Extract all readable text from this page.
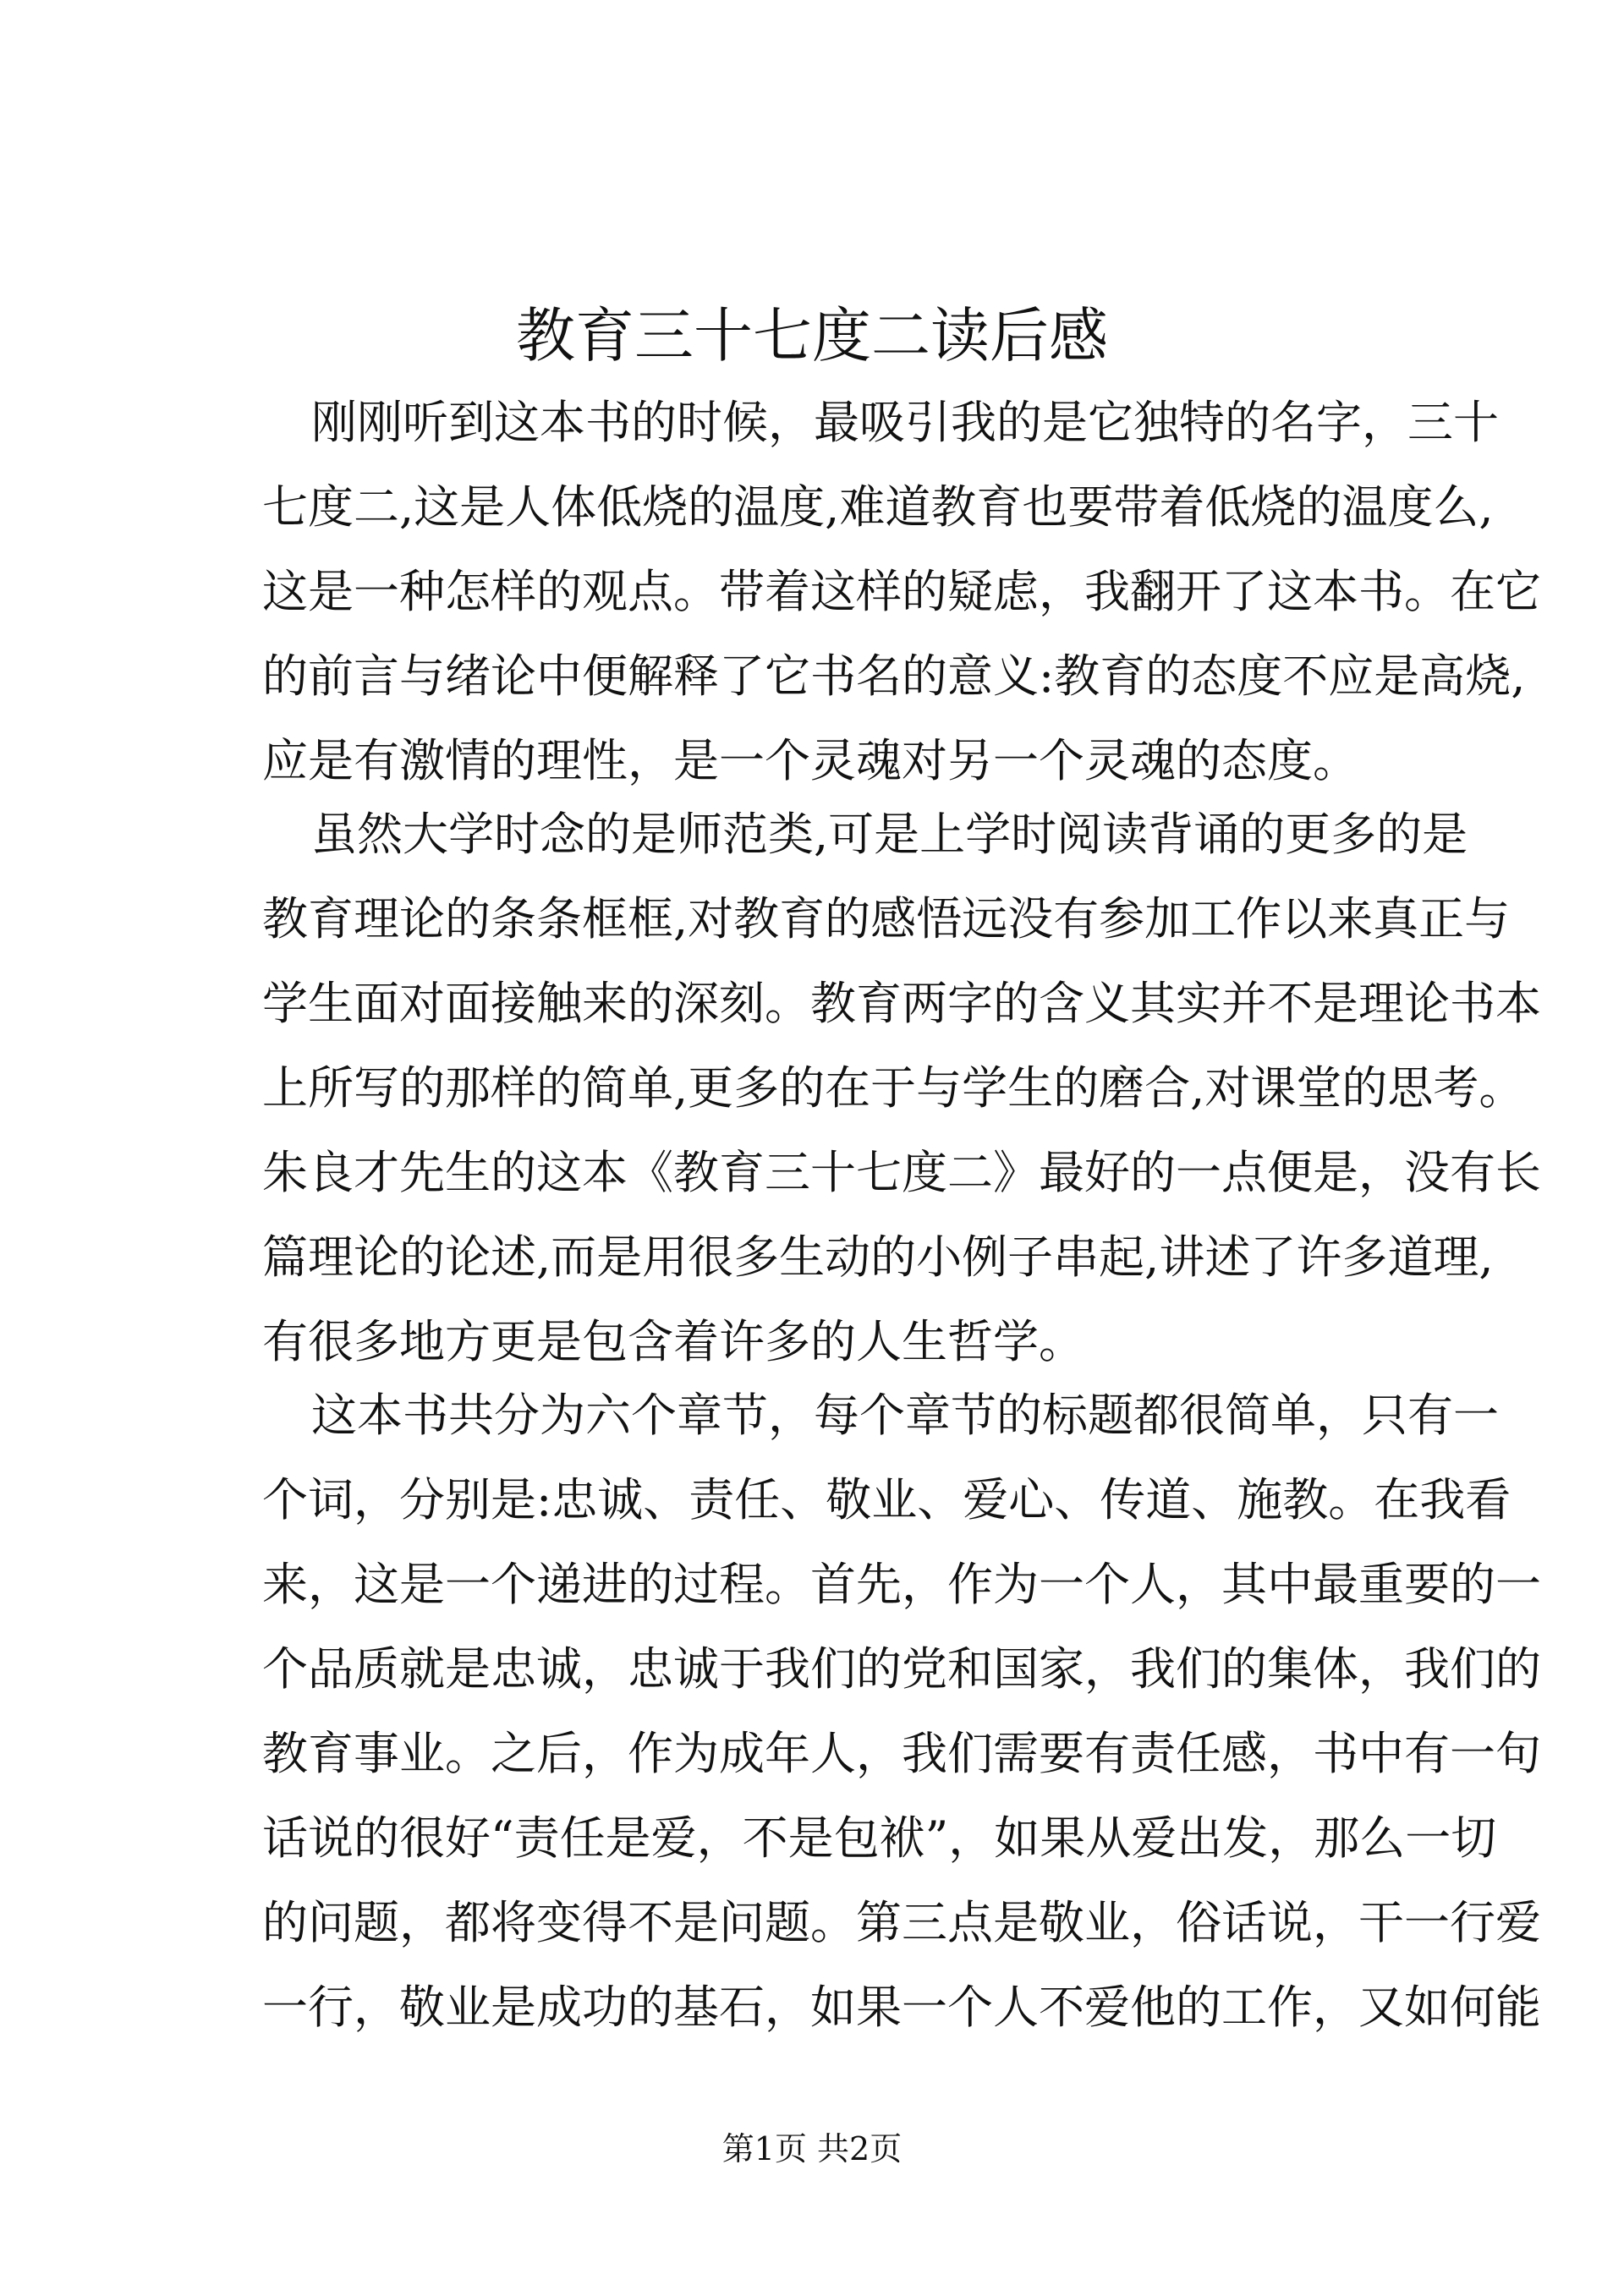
教育三十七度二读后感
刚刚听到这本书的时候，最吸引我的是它独特的名字，三十
七度二,这是人体低烧的温度,难道教育也要带着低烧的温度么,
这是一种怎样的观点。带着这样的疑虑，我翻开了这本书。在它
的前言与绪论中便解释了它书名的意义:教育的态度不应是高烧,
应是有激情的理性，是一个灵魂对另一个灵魂的态度。
虽然大学时念的是师范类,可是上学时阅读背诵的更多的是
教育理论的条条框框,对教育的感悟远没有参加工作以来真正与
学生面对面接触来的深刻。教育两字的含义其实并不是理论书本
上所写的那样的简单,更多的在于与学生的磨合,对课堂的思考。
朱良才先生的这本《教育三十七度二》最好的一点便是，没有长
篇理论的论述,而是用很多生动的小例子串起,讲述了许多道理,
有很多地方更是包含着许多的人生哲学。
这本书共分为六个章节，每个章节的标题都很简单，只有一
个词，分别是:忠诚、责任、敬业、爱心、传道、施教。在我看
来，这是一个递进的过程。首先，作为一个人，其中最重要的一
个品质就是忠诚，忠诚于我们的党和国家，我们的集体，我们的
教育事业。之后，作为成年人，我们需要有责任感，书中有一句
话说的很好“责任是爱，不是包袱”，如果从爱出发，那么一切
的问题，都将变得不是问题。第三点是敬业，俗话说，干一行爱
一行，敬业是成功的基石，如果一个人不爱他的工作，又如何能
第1页 共2页
